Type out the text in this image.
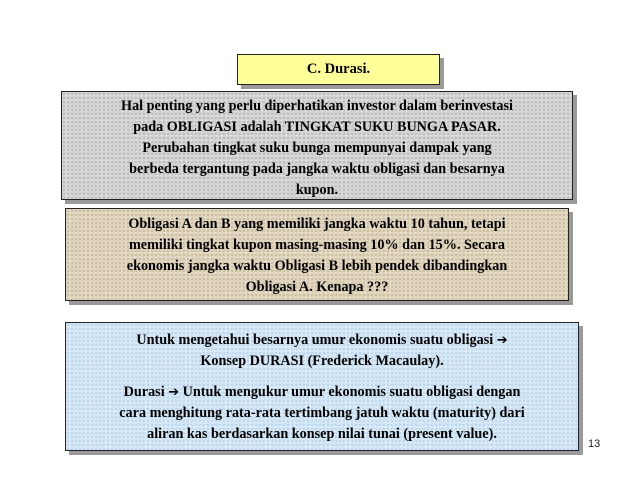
C. Durasi.
Hal penting yang perlu diperhatikan investor dalam berinvestasi
pada OBLIGASI adalah TINGKAT SUKU BUNGA PASAR.
Perubahan tingkat suku bunga mempunyai dampak yang
berbeda tergantung pada jangka waktu obligasi dan besarnya
kupon.
Obligasi A dan B yang memiliki jangka waktu 10 tahun, tetapi
memiliki tingkat kupon masing-masing 10% dan 15%. Secara
ekonomis jangka waktu Obligasi B lebih pendek dibandingkan
Obligasi A. Kenapa ???
Untuk mengetahui besarnya umur ekonomis suatu obligasi ➔
Konsep DURASI (Frederick Macaulay).
Durasi ➔ Untuk mengukur umur ekonomis suatu obligasi dengan
cara menghitung rata-rata tertimbang jatuh waktu (maturity) dari
aliran kas berdasarkan konsep nilai tunai (present value).
13
